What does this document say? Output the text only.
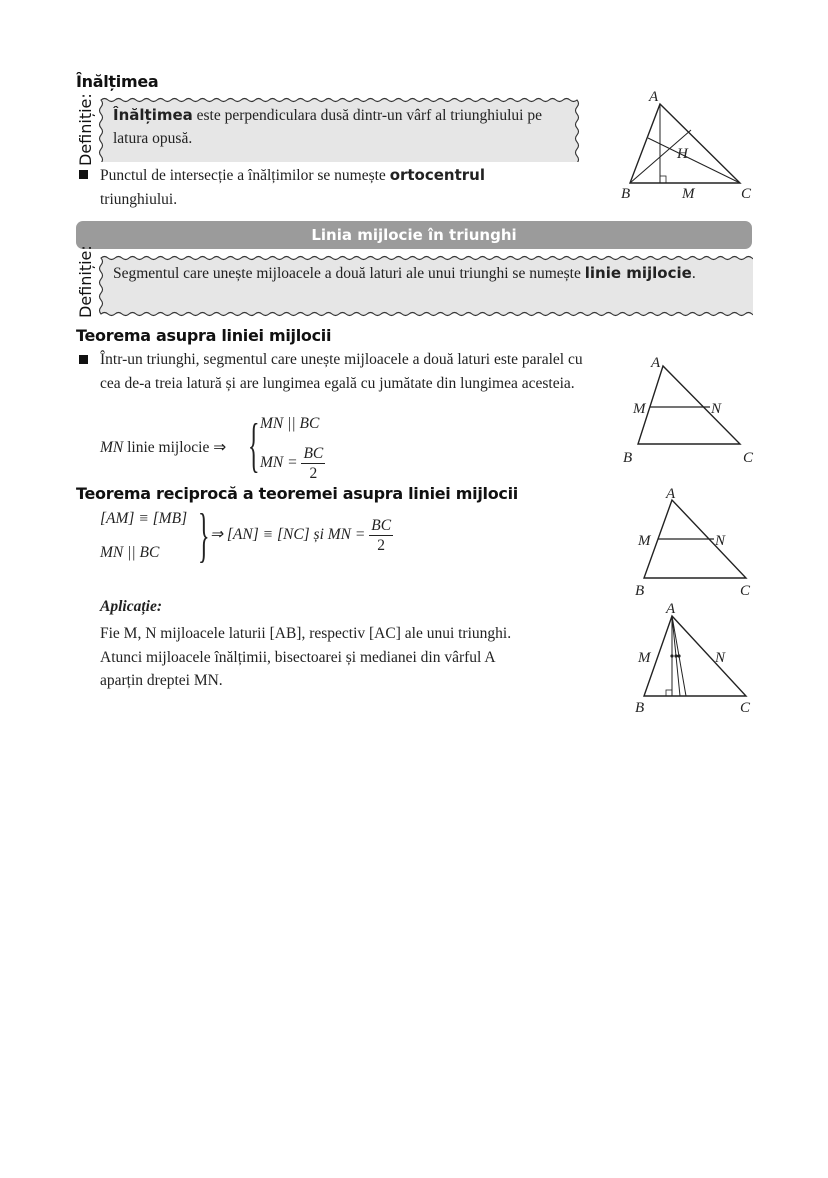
Înălțimea
Definiție: Înălțimea este perpendiculara dusă dintr-un vârf al triunghiului pe latura opusă.
Punctul de intersecție a înălțimilor se numește ortocentrul triunghiului.
A
H
B	M	C
Linia mijlocie în triunghi
Definiție: Segmentul care unește mijloacele a două laturi ale unui triunghi se numește linie mijlocie.
Teorema asupra liniei mijlocii
Într-un triunghi, segmentul care unește mijloacele a două laturi este paralel cu cea de-a treia latură și are lungimea egală cu jumătate din lungimea acesteia.
MN linie mijlocie ⇒ { MN || BC
MN = $\frac{BC}{2}$
A
M	N
B	C
Teorema reciprocă a teoremei asupra liniei mijlocii
[AM] ≡ [MB]
MN || BC } ⇒ [AN] ≡ [NC] și MN = $\frac{BC}{2}$
A
M	N
B	C
Aplicație:
Fie M, N mijloacele laturii [AB], respectiv [AC] ale unui triunghi.
Atunci mijloacele înălțimii, bisectoarei și medianei din vârful A
aparțin dreptei MN.
A
M	N
B	C
